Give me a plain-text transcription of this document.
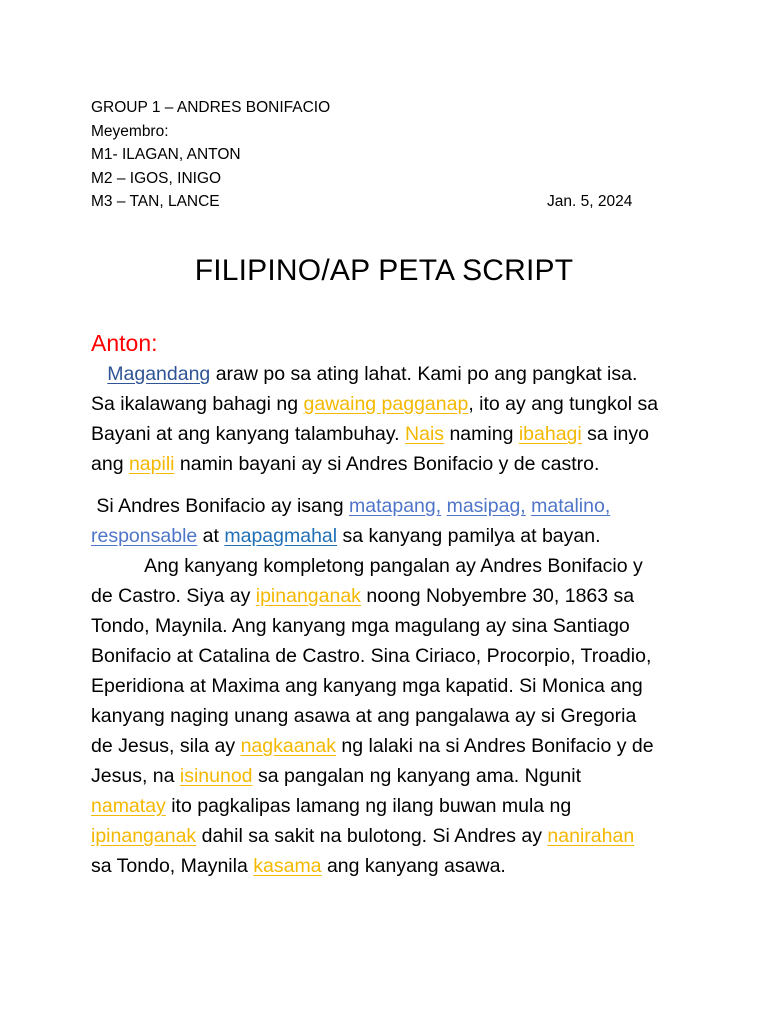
GROUP 1 – ANDRES BONIFACIO
Meyembro:
M1- ILAGAN, ANTON
M2 – IGOS, INIGO
M3 – TAN, LANCE	Jan. 5, 2024
FILIPINO/AP PETA SCRIPT
Anton:
Magandang araw po sa ating lahat. Kami po ang pangkat isa.
Sa ikalawang bahagi ng gawaing pagganap, ito ay ang tungkol sa
Bayani at ang kanyang talambuhay. Nais naming ibahagi sa inyo
ang napili namin bayani ay si Andres Bonifacio y de castro.
Si Andres Bonifacio ay isang matapang, masipag, matalino,
responsable at mapagmahal sa kanyang pamilya at bayan.
Ang kanyang kompletong pangalan ay Andres Bonifacio y
de Castro. Siya ay ipinanganak noong Nobyembre 30, 1863 sa
Tondo, Maynila. Ang kanyang mga magulang ay sina Santiago
Bonifacio at Catalina de Castro. Sina Ciriaco, Procorpio, Troadio,
Eperidiona at Maxima ang kanyang mga kapatid. Si Monica ang
kanyang naging unang asawa at ang pangalawa ay si Gregoria
de Jesus, sila ay nagkaanak ng lalaki na si Andres Bonifacio y de
Jesus, na isinunod sa pangalan ng kanyang ama. Ngunit
namatay ito pagkalipas lamang ng ilang buwan mula ng
ipinanganak dahil sa sakit na bulotong. Si Andres ay nanirahan
sa Tondo, Maynila kasama ang kanyang asawa.
